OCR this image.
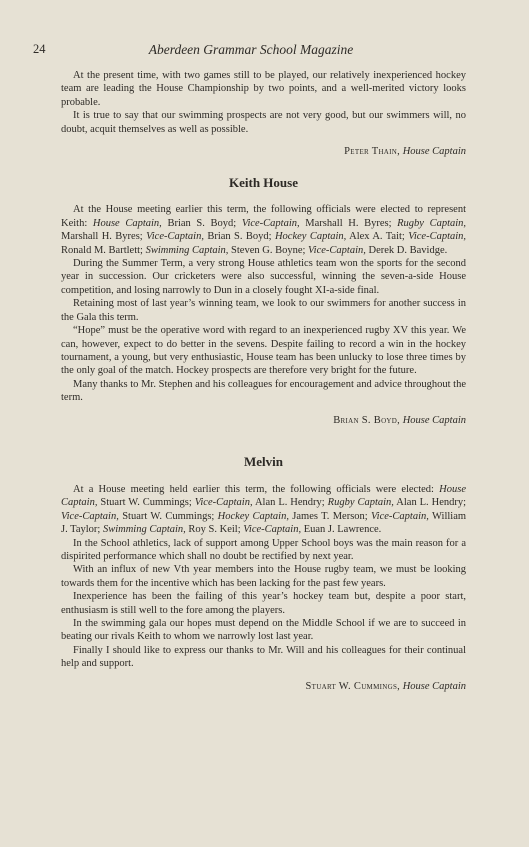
24	Aberdeen Grammar School Magazine

At the present time, with two games still to be played, our relatively inexperienced hockey team are leading the House Championship by two points, and a well-merited victory looks probable.

It is true to say that our swimming prospects are not very good, but our swimmers will, no doubt, acquit themselves as well as possible.

Peter Thain, House Captain

Keith House

At the House meeting earlier this term, the following officials were elected to represent Keith: House Captain, Brian S. Boyd; Vice-Captain, Marshall H. Byres; Rugby Captain, Marshall H. Byres; Vice-Captain, Brian S. Boyd; Hockey Captain, Alex A. Tait; Vice-Captain, Ronald M. Bartlett; Swimming Captain, Steven G. Boyne; Vice-Captain, Derek D. Bavidge.

During the Summer Term, a very strong House athletics team won the sports for the second year in succession. Our cricketers were also successful, winning the seven-a-side House competition, and losing narrowly to Dun in a closely fought XI-a-side final.

Retaining most of last year’s winning team, we look to our swimmers for another success in the Gala this term.

“Hope” must be the operative word with regard to an inexperienced rugby XV this year. We can, however, expect to do better in the sevens. Despite failing to record a win in the hockey tournament, a young, but very enthusiastic, House team has been unlucky to lose three times by the only goal of the match. Hockey prospects are therefore very bright for the future.

Many thanks to Mr. Stephen and his colleagues for encouragement and advice throughout the term.

Brian S. Boyd, House Captain

Melvin

At a House meeting held earlier this term, the following officials were elected: House Captain, Stuart W. Cummings; Vice-Captain, Alan L. Hendry; Rugby Captain, Alan L. Hendry; Vice-Captain, Stuart W. Cummings; Hockey Captain, James T. Merson; Vice-Captain, William J. Taylor; Swimming Captain, Roy S. Keil; Vice-Captain, Euan J. Lawrence.

In the School athletics, lack of support among Upper School boys was the main reason for a dispirited performance which shall no doubt be rectified by next year.

With an influx of new Vth year members into the House rugby team, we must be looking towards them for the incentive which has been lacking for the past few years.

Inexperience has been the failing of this year’s hockey team but, despite a poor start, enthusiasm is still well to the fore among the players.

In the swimming gala our hopes must depend on the Middle School if we are to succeed in beating our rivals Keith to whom we narrowly lost last year.

Finally I should like to express our thanks to Mr. Will and his colleagues for their continual help and support.

Stuart W. Cummings, House Captain
